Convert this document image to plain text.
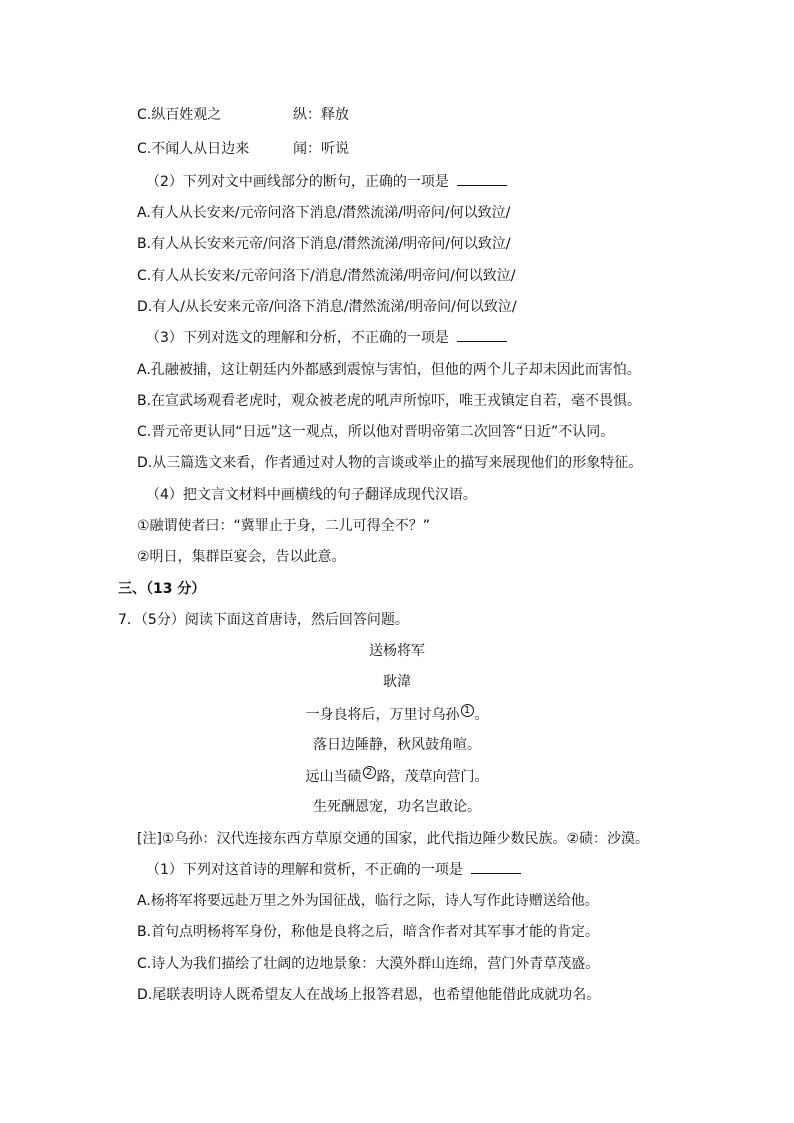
C.纵百姓观之	纵：释放
C.不闻人从日边来	闻：听说
（2）下列对文中画线部分的断句，正确的一项是
A.有人从长安来/元帝问洛下消息/潸然流涕/明帝问/何以致泣/
B.有人从长安来元帝/问洛下消息/潸然流涕/明帝问/何以致泣/
C.有人从长安来/元帝问洛下/消息/潸然流涕/明帝问/何以致泣/
D.有人/从长安来元帝/问洛下消息/潸然流涕/明帝问/何以致泣/
（3）下列对选文的理解和分析，不正确的一项是
A.孔融被捕，这让朝廷内外都感到震惊与害怕，但他的两个儿子却未因此而害怕。
B.在宣武场观看老虎时，观众被老虎的吼声所惊吓，唯王戎镇定自若，毫不畏惧。
C.晋元帝更认同“日远”这一观点，所以他对晋明帝第二次回答“日近”不认同。
D.从三篇选文来看，作者通过对人物的言谈或举止的描写来展现他们的形象特征。
（4）把文言文材料中画横线的句子翻译成现代汉语。
①融谓使者曰：“冀罪止于身，二儿可得全不？”
②明日，集群臣宴会，告以此意。
三、（13 分）
7．（5分）阅读下面这首唐诗，然后回答问题。
送杨将军
耿湋
一身良将后，万里讨乌孙 $^1$ 。
落日边陲静，秋风鼓角喧。
远山当碛 $^2$ 路，茂草向营门。
生死酬恩宠，功名岂敢论。
[注]①乌孙：汉代连接东西方草原交通的国家，此代指边陲少数民族。②碛：沙漠。
（1）下列对这首诗的理解和赏析，不正确的一项是
A.杨将军将要远赴万里之外为国征战，临行之际，诗人写作此诗赠送给他。
B.首句点明杨将军身份，称他是良将之后，暗含作者对其军事才能的肯定。
C.诗人为我们描绘了壮阔的边地景象：大漠外群山连绵，营门外青草茂盛。
D.尾联表明诗人既希望友人在战场上报答君恩，也希望他能借此成就功名。
